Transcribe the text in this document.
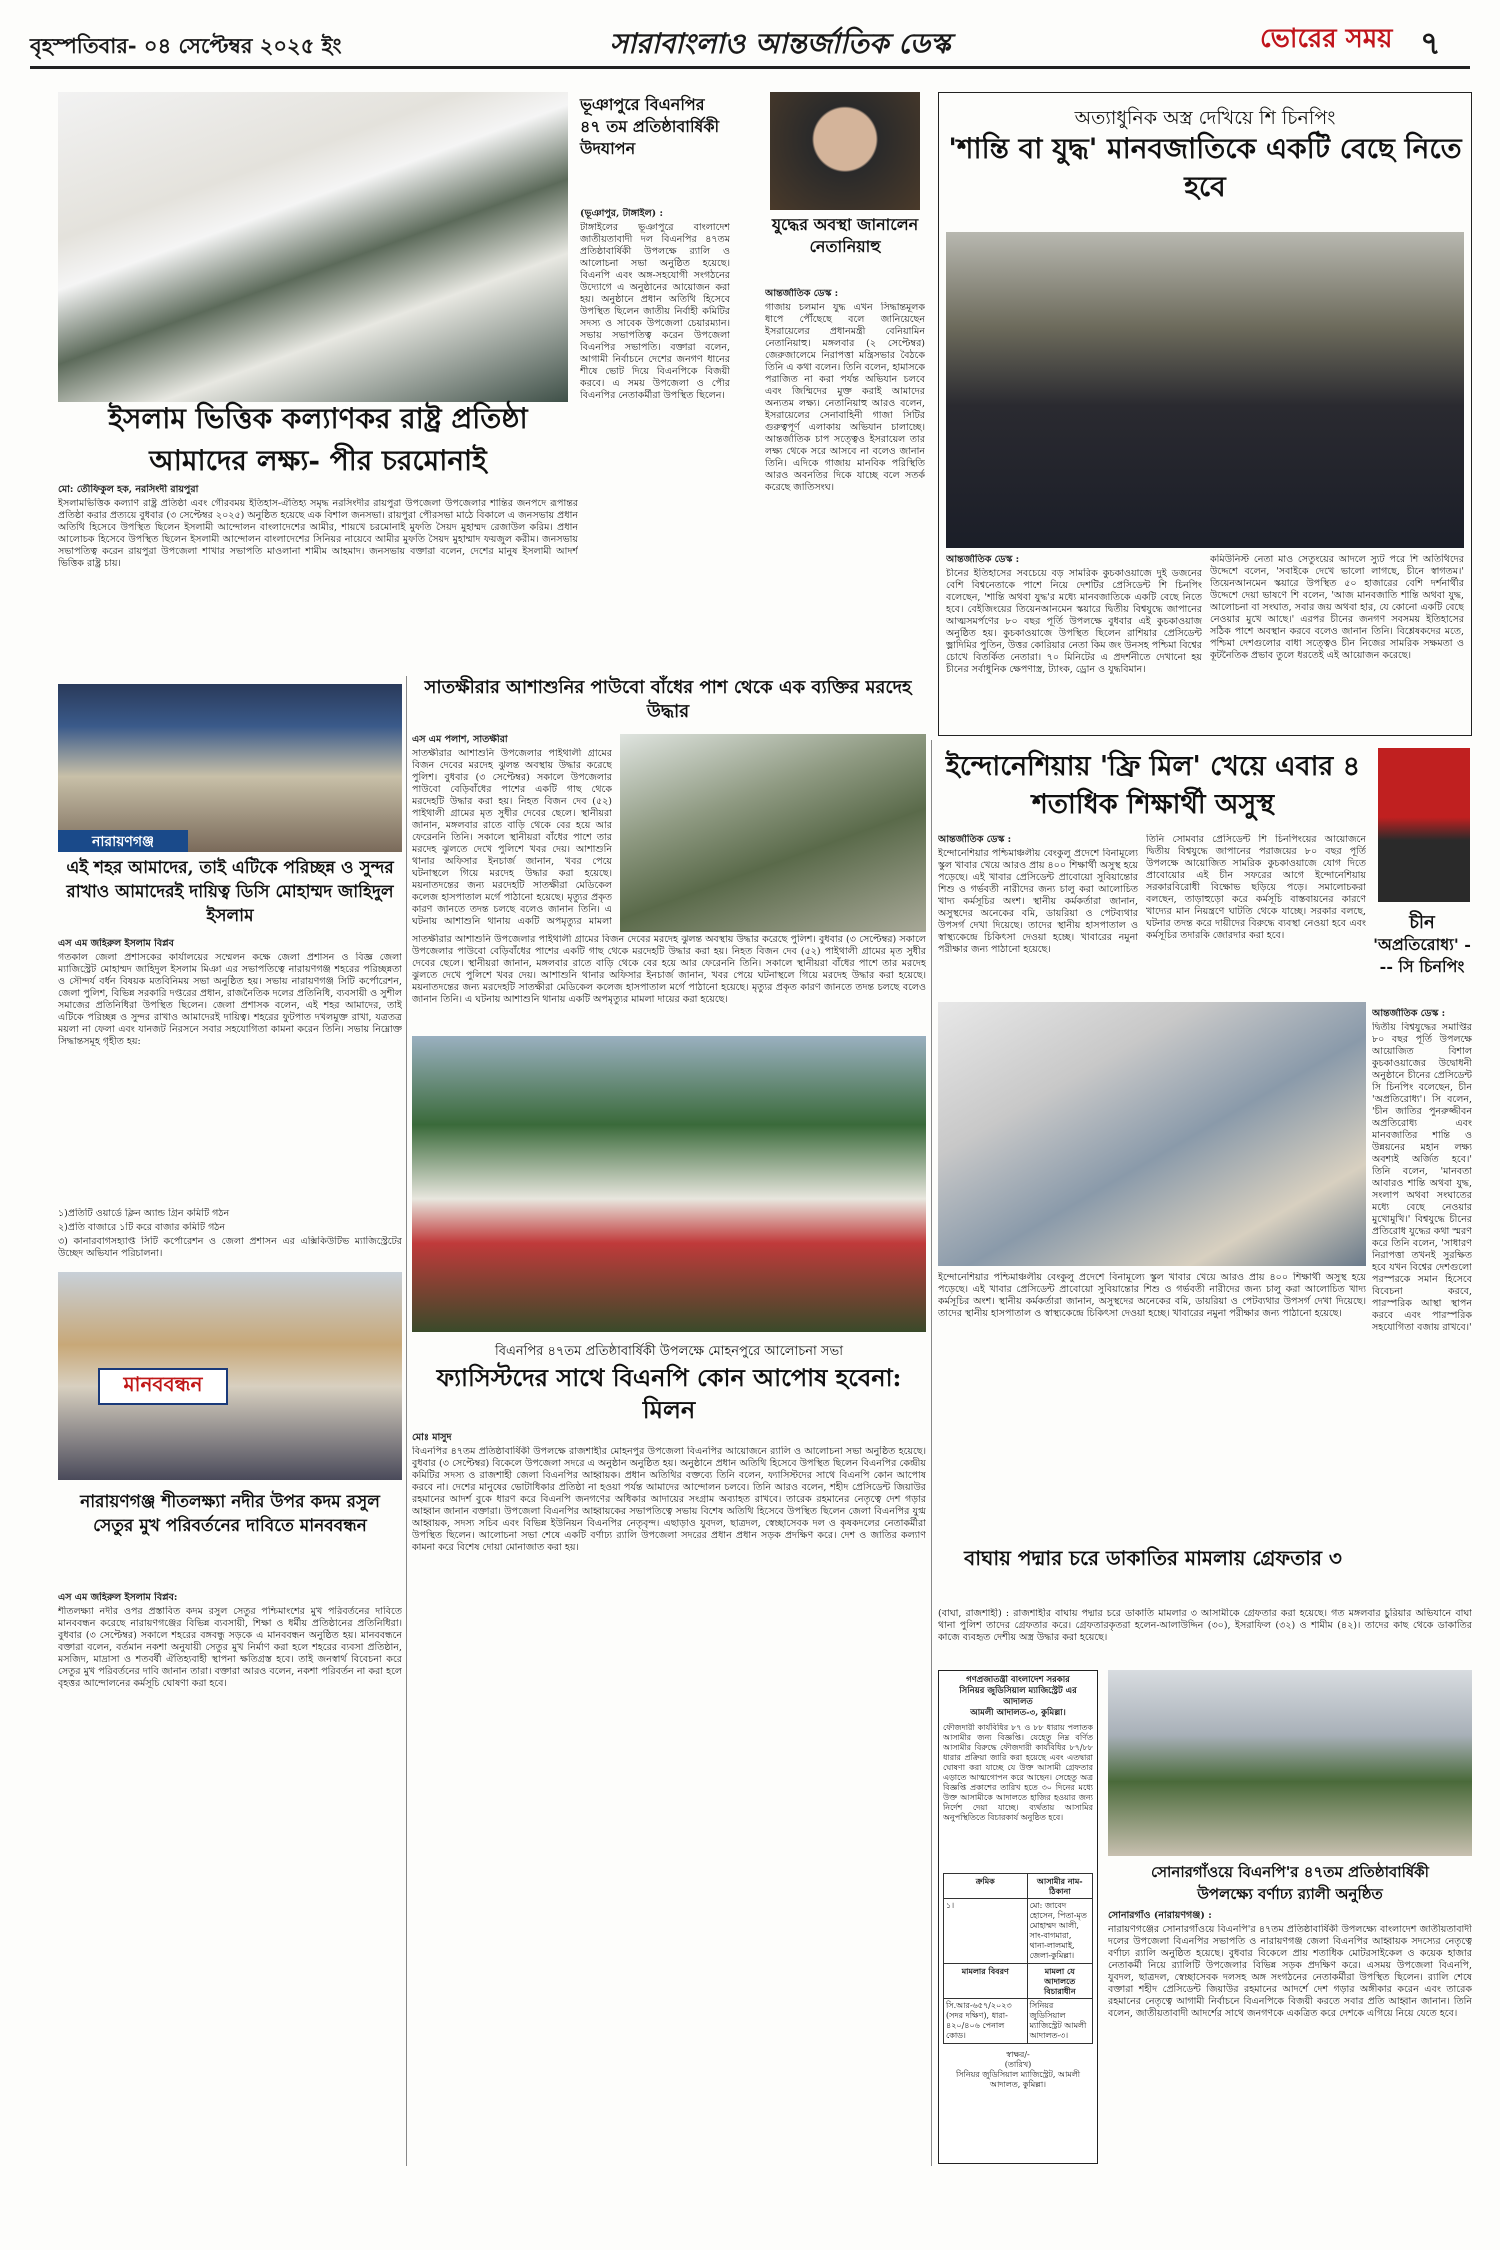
বৃহস্পতিবার- ০৪ সেপ্টেম্বর ২০২৫ ইং	সারাবাংলাও আন্তর্জাতিক ডেস্ক	ভোরের সময় ৭
ইসলাম ভিত্তিক কল্যাণকর রাষ্ট্র প্রতিষ্ঠা
আমাদের লক্ষ্য- পীর চরমোনাই
মো: তৌফিকুল হক, নরসিংদী রায়পুরা
ইসলামভিত্তিক কল্যাণ রাষ্ট্র প্রতিষ্ঠা এবং গৌরবময় ইতিহাস-ঐতিহ্য সমৃদ্ধ নরসিংদীর রায়পুরা উপজেলা উপজেলার শান্তির জনপদে রূপান্তর প্রতিষ্ঠা করার প্রত্যয়ে বুধবার (৩ সেপ্টেম্বর ২০২৫) অনুষ্ঠিত হয়েছে এক বিশাল জনসভা। রায়পুরা পৌরসভা মাঠে বিকালে এ জনসভায় প্রধান অতিথি হিসেবে উপস্থিত ছিলেন ইসলামী আন্দোলন বাংলাদেশের আমীর, শায়খে চরমোনাই মুফতি সৈয়দ মুহাম্মদ রেজাউল করিম। প্রধান আলোচক হিসেবে উপস্থিত ছিলেন ইসলামী আন্দোলন বাংলাদেশের সিনিয়র নায়েবে আমীর মুফতি সৈয়দ মুহাম্মাদ ফয়জুল করীম। জনসভায় সভাপতিত্ব করেন রায়পুরা উপজেলা শাখার সভাপতি মাওলানা শামীম আহমাদ। জনসভায় বক্তারা বলেন, দেশের মানুষ ইসলামী আদর্শ ভিত্তিক রাষ্ট্র চায়।
ভূঞাপুরে বিএনপির ৪৭ তম প্রতিষ্ঠাবার্ষিকী উদযাপন
(ভূঞাপুর, টাঙ্গাইল) :
টাঙ্গাইলের ভূঞাপুরে বাংলাদেশ জাতীয়তাবাদী দল বিএনপির ৪৭তম প্রতিষ্ঠাবার্ষিকী উপলক্ষে র‍্যালি ও আলোচনা সভা অনুষ্ঠিত হয়েছে। বিএনপি এবং অঙ্গ-সহযোগী সংগঠনের উদ্যোগে এ অনুষ্ঠানের আয়োজন করা হয়। অনুষ্ঠানে প্রধান অতিথি হিসেবে উপস্থিত ছিলেন জাতীয় নির্বাহী কমিটির সদস্য ও সাবেক উপজেলা চেয়ারম্যান। সভায় সভাপতিত্ব করেন উপজেলা বিএনপির সভাপতি। বক্তারা বলেন, আগামী নির্বাচনে দেশের জনগণ ধানের শীষে ভোট দিয়ে বিএনপিকে বিজয়ী করবে। এ সময় উপজেলা ও পৌর বিএনপির নেতাকর্মীরা উপস্থিত ছিলেন।
যুদ্ধের অবস্থা জানালেন নেতানিয়াহু
আন্তর্জাতিক ডেস্ক :
গাজায় চলমান যুদ্ধ এখন সিদ্ধান্তমূলক ধাপে পৌঁছেছে বলে জানিয়েছেন ইসরায়েলের প্রধানমন্ত্রী বেনিয়ামিন নেতানিয়াহু। মঙ্গলবার (২ সেপ্টেম্বর) জেরুজালেমে নিরাপত্তা মন্ত্রিসভার বৈঠকে তিনি এ কথা বলেন। তিনি বলেন, হামাসকে পরাজিত না করা পর্যন্ত অভিযান চলবে এবং জিম্মিদের মুক্ত করাই আমাদের অন্যতম লক্ষ্য। নেতানিয়াহু আরও বলেন, ইসরায়েলের সেনাবাহিনী গাজা সিটির গুরুত্বপূর্ণ এলাকায় অভিযান চালাচ্ছে। আন্তর্জাতিক চাপ সত্ত্বেও ইসরায়েল তার লক্ষ্য থেকে সরে আসবে না বলেও জানান তিনি। এদিকে গাজায় মানবিক পরিস্থিতি আরও অবনতির দিকে যাচ্ছে বলে সতর্ক করেছে জাতিসংঘ।
অত্যাধুনিক অস্ত্র দেখিয়ে শি চিনপিং
'শান্তি বা যুদ্ধ' মানবজাতিকে একটি বেছে নিতে হবে
আন্তর্জাতিক ডেস্ক :
চীনের ইতিহাসের সবচেয়ে বড় সামরিক কুচকাওয়াজে দুই ডজনের বেশি বিশ্বনেতাকে পাশে নিয়ে দেশটির প্রেসিডেন্ট শি চিনপিং বলেছেন, 'শান্তি অথবা যুদ্ধ'র মধ্যে মানবজাতিকে একটি বেছে নিতে হবে। বেইজিংয়ের তিয়েনআনমেন স্কয়ারে দ্বিতীয় বিশ্বযুদ্ধে জাপানের আত্মসমর্পণের ৮০ বছর পূর্তি উপলক্ষে বুধবার এই কুচকাওয়াজ অনুষ্ঠিত হয়। কুচকাওয়াজে উপস্থিত ছিলেন রাশিয়ার প্রেসিডেন্ট ভ্লাদিমির পুতিন, উত্তর কোরিয়ার নেতা কিম জং উনসহ পশ্চিমা বিশ্বের চোখে বিতর্কিত নেতারা। ৭০ মিনিটের এ প্রদর্শনীতে দেখানো হয় চীনের সর্বাধুনিক ক্ষেপণাস্ত্র, ট্যাংক, ড্রোন ও যুদ্ধবিমান।
কমিউনিস্ট নেতা মাও সেতুংয়ের আদলে স্যুট পরে শি অতিথিদের উদ্দেশে বলেন, 'সবাইকে দেখে ভালো লাগছে, চীনে স্বাগতম।' তিয়েনআনমেন স্কয়ারে উপস্থিত ৫০ হাজারের বেশি দর্শনার্থীর উদ্দেশে দেয়া ভাষণে শি বলেন, 'আজ মানবজাতি শান্তি অথবা যুদ্ধ, আলোচনা বা সংঘাত, সবার জয় অথবা হার, যে কোনো একটি বেছে নেওয়ার মুখে আছে।' এরপর চীনের জনগণ সবসময় ইতিহাসের সঠিক পাশে অবস্থান করবে বলেও জানান তিনি। বিশ্লেষকদের মতে, পশ্চিমা দেশগুলোর বাধা সত্ত্বেও চীন নিজের সামরিক সক্ষমতা ও কূটনৈতিক প্রভাব তুলে ধরতেই এই আয়োজন করেছে।
নারায়ণগঞ্জ
এই শহর আমাদের, তাই এটিকে পরিচ্ছন্ন ও সুন্দর রাখাও আমাদেরই দায়িত্ব ডিসি মোহাম্মদ জাহিদুল ইসলাম
এস এম জহিরুল ইসলাম বিপ্লব
গতকাল জেলা প্রশাসকের কার্যালয়ের সম্মেলন কক্ষে জেলা প্রশাসন ও বিজ্ঞ জেলা ম্যাজিস্ট্রেট মোহাম্মদ জাহিদুল ইসলাম মিঞা এর সভাপতিত্বে নারায়ণগঞ্জ শহরের পরিচ্ছন্নতা ও সৌন্দর্য বর্ধন বিষয়ক মতবিনিময় সভা অনুষ্ঠিত হয়। সভায় নারায়ণগঞ্জ সিটি কর্পোরেশন, জেলা পুলিশ, বিভিন্ন সরকারি দপ্তরের প্রধান, রাজনৈতিক দলের প্রতিনিধি, ব্যবসায়ী ও সুশীল সমাজের প্রতিনিধিরা উপস্থিত ছিলেন। জেলা প্রশাসক বলেন, এই শহর আমাদের, তাই এটিকে পরিচ্ছন্ন ও সুন্দর রাখাও আমাদেরই দায়িত্ব। শহরের ফুটপাত দখলমুক্ত রাখা, যত্রতত্র ময়লা না ফেলা এবং যানজট নিরসনে সবার সহযোগিতা কামনা করেন তিনি। সভায় নিম্নোক্ত সিদ্ধান্তসমূহ গৃহীত হয়:
১)প্রতিটি ওয়ার্ডে ক্লিন অ্যান্ড গ্রিন কমিটি গঠন
২)প্রতি বাজারে ১টি করে বাজার কমিটি গঠন
৩) কানারবাগসহ্যাপ্ত সিটি কর্পোরেশন ও জেলা প্রশাসন এর এক্সিকিউটিভ ম্যাজিস্ট্রেটের উচ্ছেদ অভিযান পরিচালনা।
সাতক্ষীরার আশাশুনির পাউবো বাঁধের পাশ থেকে এক ব্যক্তির মরদেহ উদ্ধার
এস এম পলাশ, সাতক্ষীরা
সাতক্ষীরার আশাশুনি উপজেলার পাইথালী গ্রামের বিজন দেবের মরদেহ ঝুলন্ত অবস্থায় উদ্ধার করেছে পুলিশ। বুধবার (৩ সেপ্টেম্বর) সকালে উপজেলার পাউবো বেড়িবাঁধের পাশের একটি গাছ থেকে মরদেহটি উদ্ধার করা হয়। নিহত বিজন দেব (৫২) পাইথালী গ্রামের মৃত সুধীর দেবের ছেলে। স্থানীয়রা জানান, মঙ্গলবার রাতে বাড়ি থেকে বের হয়ে আর ফেরেননি তিনি। সকালে স্থানীয়রা বাঁধের পাশে তার মরদেহ ঝুলতে দেখে পুলিশে খবর দেয়। আশাশুনি থানার অফিসার ইনচার্জ জানান, খবর পেয়ে ঘটনাস্থলে গিয়ে মরদেহ উদ্ধার করা হয়েছে। ময়নাতদন্তের জন্য মরদেহটি সাতক্ষীরা মেডিকেল কলেজ হাসপাতাল মর্গে পাঠানো হয়েছে। মৃত্যুর প্রকৃত কারণ জানতে তদন্ত চলছে বলেও জানান তিনি। এ ঘটনায় আশাশুনি থানায় একটি অপমৃত্যুর মামলা
সাতক্ষীরার আশাশুনি উপজেলার পাইথালী গ্রামের বিজন দেবের মরদেহ ঝুলন্ত অবস্থায় উদ্ধার করেছে পুলিশ। বুধবার (৩ সেপ্টেম্বর) সকালে উপজেলার পাউবো বেড়িবাঁধের পাশের একটি গাছ থেকে মরদেহটি উদ্ধার করা হয়। নিহত বিজন দেব (৫২) পাইথালী গ্রামের মৃত সুধীর দেবের ছেলে। স্থানীয়রা জানান, মঙ্গলবার রাতে বাড়ি থেকে বের হয়ে আর ফেরেননি তিনি। সকালে স্থানীয়রা বাঁধের পাশে তার মরদেহ ঝুলতে দেখে পুলিশে খবর দেয়। আশাশুনি থানার অফিসার ইনচার্জ জানান, খবর পেয়ে ঘটনাস্থলে গিয়ে মরদেহ উদ্ধার করা হয়েছে। ময়নাতদন্তের জন্য মরদেহটি সাতক্ষীরা মেডিকেল কলেজ হাসপাতাল মর্গে পাঠানো হয়েছে। মৃত্যুর প্রকৃত কারণ জানতে তদন্ত চলছে বলেও জানান তিনি। এ ঘটনায় আশাশুনি থানায় একটি অপমৃত্যুর মামলা দায়ের করা হয়েছে।
ইন্দোনেশিয়ায় 'ফ্রি মিল' খেয়ে এবার ৪ শতাধিক শিক্ষার্থী অসুস্থ
আন্তর্জাতিক ডেস্ক :
ইন্দোনেশিয়ার পশ্চিমাঞ্চলীয় বেংকুলু প্রদেশে বিনামূল্যে স্কুল খাবার খেয়ে আরও প্রায় ৪০০ শিক্ষার্থী অসুস্থ হয়ে পড়েছে। এই খাবার প্রেসিডেন্ট প্রাবোয়ো সুবিয়ান্তোর শিশু ও গর্ভবতী নারীদের জন্য চালু করা আলোচিত খাদ্য কর্মসূচির অংশ। স্থানীয় কর্মকর্তারা জানান, অসুস্থদের অনেকের বমি, ডায়রিয়া ও পেটব্যথার উপসর্গ দেখা দিয়েছে। তাদের স্থানীয় হাসপাতাল ও স্বাস্থ্যকেন্দ্রে চিকিৎসা দেওয়া হচ্ছে। খাবারের নমুনা পরীক্ষার জন্য পাঠানো হয়েছে।
তিনি সোমবার প্রেসিডেন্ট শি চিনপিংয়ের আয়োজনে দ্বিতীয় বিশ্বযুদ্ধে জাপানের পরাজয়ের ৮০ বছর পূর্তি উপলক্ষে আয়োজিত সামরিক কুচকাওয়াজে যোগ দিতে প্রাবোয়োর এই চীন সফরের আগে ইন্দোনেশিয়ায় সরকারবিরোধী বিক্ষোভ ছড়িয়ে পড়ে। সমালোচকরা বলছেন, তাড়াহুড়ো করে কর্মসূচি বাস্তবায়নের কারণে খাদ্যের মান নিয়ন্ত্রণে ঘাটতি থেকে যাচ্ছে। সরকার বলছে, ঘটনার তদন্ত করে দায়ীদের বিরুদ্ধে ব্যবস্থা নেওয়া হবে এবং কর্মসূচির তদারকি জোরদার করা হবে।
ইন্দোনেশিয়ার পশ্চিমাঞ্চলীয় বেংকুলু প্রদেশে বিনামূল্যে স্কুল খাবার খেয়ে আরও প্রায় ৪০০ শিক্ষার্থী অসুস্থ হয়ে পড়েছে। এই খাবার প্রেসিডেন্ট প্রাবোয়ো সুবিয়ান্তোর শিশু ও গর্ভবতী নারীদের জন্য চালু করা আলোচিত খাদ্য কর্মসূচির অংশ। স্থানীয় কর্মকর্তারা জানান, অসুস্থদের অনেকের বমি, ডায়রিয়া ও পেটব্যথার উপসর্গ দেখা দিয়েছে। তাদের স্থানীয় হাসপাতাল ও স্বাস্থ্যকেন্দ্রে চিকিৎসা দেওয়া হচ্ছে। খাবারের নমুনা পরীক্ষার জন্য পাঠানো হয়েছে।
চীন
'অপ্রতিরোধ্য' --- সি চিনপিং
আন্তর্জাতিক ডেস্ক :
দ্বিতীয় বিশ্বযুদ্ধের সমাপ্তির ৮০ বছর পূর্তি উপলক্ষে আয়োজিত বিশাল কুচকাওয়াজের উদ্বোধনী অনুষ্ঠানে চীনের প্রেসিডেন্ট সি চিনপিং বলেছেন, চীন 'অপ্রতিরোধ্য'। সি বলেন, 'চীন জাতির পুনরুজ্জীবন অপ্রতিরোধ্য এবং মানবজাতির শান্তি ও উন্নয়নের মহান লক্ষ্য অবশ্যই অর্জিত হবে।' তিনি বলেন, 'মানবতা আবারও শান্তি অথবা যুদ্ধ, সংলাপ অথবা সংঘাতের মধ্যে বেছে নেওয়ার মুখোমুখি।' বিশ্বযুদ্ধে চীনের প্রতিরোধ যুদ্ধের কথা স্মরণ করে তিনি বলেন, 'সাধারণ নিরাপত্তা তখনই সুরক্ষিত হবে যখন বিশ্বের দেশগুলো পরস্পরকে সমান হিসেবে বিবেচনা করবে, পারস্পরিক আস্থা স্থাপন করবে এবং পারস্পরিক সহযোগিতা বজায় রাখবে।'
বিএনপির ৪৭তম প্রতিষ্ঠাবার্ষিকী উপলক্ষে মোহনপুরে আলোচনা সভা
ফ্যাসিস্টদের সাথে বিএনপি কোন আপোষ হবেনা: মিলন
মোঃ মাসুদ
বিএনপির ৪৭তম প্রতিষ্ঠাবার্ষিকী উপলক্ষে রাজশাহীর মোহনপুর উপজেলা বিএনপির আয়োজনে র‍্যালি ও আলোচনা সভা অনুষ্ঠিত হয়েছে। বুধবার (৩ সেপ্টেম্বর) বিকেলে উপজেলা সদরে এ অনুষ্ঠান অনুষ্ঠিত হয়। অনুষ্ঠানে প্রধান অতিথি হিসেবে উপস্থিত ছিলেন বিএনপির কেন্দ্রীয় কমিটির সদস্য ও রাজশাহী জেলা বিএনপির আহ্বায়ক। প্রধান অতিথির বক্তব্যে তিনি বলেন, ফ্যাসিস্টদের সাথে বিএনপি কোন আপোষ করবে না। দেশের মানুষের ভোটাধিকার প্রতিষ্ঠা না হওয়া পর্যন্ত আমাদের আন্দোলন চলবে। তিনি আরও বলেন, শহীদ প্রেসিডেন্ট জিয়াউর রহমানের আদর্শ বুকে ধারণ করে বিএনপি জনগণের অধিকার আদায়ের সংগ্রাম অব্যাহত রাখবে। তারেক রহমানের নেতৃত্বে দেশ গড়ার আহ্বান জানান বক্তারা। উপজেলা বিএনপির আহ্বায়কের সভাপতিত্বে সভায় বিশেষ অতিথি হিসেবে উপস্থিত ছিলেন জেলা বিএনপির যুগ্ম আহ্বায়ক, সদস্য সচিব এবং বিভিন্ন ইউনিয়ন বিএনপির নেতৃবৃন্দ। এছাড়াও যুবদল, ছাত্রদল, স্বেচ্ছাসেবক দল ও কৃষকদলের নেতাকর্মীরা উপস্থিত ছিলেন। আলোচনা সভা শেষে একটি বর্ণাঢ্য র‍্যালি উপজেলা সদরের প্রধান প্রধান সড়ক প্রদক্ষিণ করে। দেশ ও জাতির কল্যাণ কামনা করে বিশেষ দোয়া মোনাজাত করা হয়।
মানববন্ধন
নারায়ণগঞ্জ শীতলক্ষ্যা নদীর উপর কদম রসুল সেতুর মুখ পরিবর্তনের দাবিতে মানববন্ধন
এস এম জহিরুল ইসলাম বিপ্লব:
শীতলক্ষ্যা নদীর ওপর প্রস্তাবিত কদম রসুল সেতুর পশ্চিমাংশের মুখ পরিবর্তনের দাবিতে মানববন্ধন করেছে নারায়ণগঞ্জের বিভিন্ন ব্যবসায়ী, শিক্ষা ও ধর্মীয় প্রতিষ্ঠানের প্রতিনিধিরা। বুধবার (৩ সেপ্টেম্বর) সকালে শহরের বঙ্গবন্ধু সড়কে এ মানববন্ধন অনুষ্ঠিত হয়। মানববন্ধনে বক্তারা বলেন, বর্তমান নকশা অনুযায়ী সেতুর মুখ নির্মাণ করা হলে শহরের ব্যবসা প্রতিষ্ঠান, মসজিদ, মাদ্রাসা ও শতবর্ষী ঐতিহ্যবাহী স্থাপনা ক্ষতিগ্রস্ত হবে। তাই জনস্বার্থ বিবেচনা করে সেতুর মুখ পরিবর্তনের দাবি জানান তারা। বক্তারা আরও বলেন, নকশা পরিবর্তন না করা হলে বৃহত্তর আন্দোলনের কর্মসূচি ঘোষণা করা হবে।
বাঘায় পদ্মার চরে ডাকাতির মামলায় গ্রেফতার ৩
(বাঘা, রাজশাহী) : রাজশাহীর বাঘায় পদ্মার চরে ডাকাতি মামলার ৩ আসামীকে গ্রেফতার করা হয়েছে। গত মঙ্গলবার চুরিয়ার অভিযানে বাঘা থানা পুলিশ তাদের গ্রেফতার করে। গ্রেফতারকৃতরা হলেন-আলাউদ্দিন (৩০), ইসরাফিল (৩২) ও শামীম (৪২)। তাদের কাছ থেকে ডাকাতির কাজে ব্যবহৃত দেশীয় অস্ত্র উদ্ধার করা হয়েছে।
সোনারগাঁওয়ে বিএনপি'র ৪৭তম প্রতিষ্ঠাবার্ষিকী
উপলক্ষ্যে বর্ণাঢ্য র‍্যালী অনুষ্ঠিত
সোনারগাঁও (নারায়ণগঞ্জ) :
নারায়ণগঞ্জের সোনারগাঁওয়ে বিএনপি'র ৪৭তম প্রতিষ্ঠাবার্ষিকী উপলক্ষ্যে বাংলাদেশ জাতীয়তাবাদী দলের উপজেলা বিএনপির সভাপতি ও নারায়ণগঞ্জ জেলা বিএনপির আহ্বায়ক সদস্যের নেতৃত্বে বর্ণাঢ্য র‍্যালি অনুষ্ঠিত হয়েছে। বুধবার বিকেলে প্রায় শতাধিক মোটরসাইকেল ও কয়েক হাজার নেতাকর্মী নিয়ে র‍্যালিটি উপজেলার বিভিন্ন সড়ক প্রদক্ষিণ করে। এসময় উপজেলা বিএনপি, যুবদল, ছাত্রদল, স্বেচ্ছাসেবক দলসহ অঙ্গ সংগঠনের নেতাকর্মীরা উপস্থিত ছিলেন। র‍্যালি শেষে বক্তারা শহীদ প্রেসিডেন্ট জিয়াউর রহমানের আদর্শে দেশ গড়ার অঙ্গীকার করেন এবং তারেক রহমানের নেতৃত্বে আগামী নির্বাচনে বিএনপিকে বিজয়ী করতে সবার প্রতি আহ্বান জানান। তিনি বলেন, জাতীয়তাবাদী আদর্শের সাথে জনগণকে একত্রিত করে দেশকে এগিয়ে নিয়ে যেতে হবে।
গণপ্রজাতন্ত্রী বাংলাদেশ সরকার
সিনিয়র জুডিসিয়াল ম্যাজিস্ট্রেট এর আদালত
আমলী আদালত-৩, কুমিল্লা।
ফৌজদারী কার্যবিধির ৮৭ ও ৮৮ ধারায় পলাতক আসামীর জন্য বিজ্ঞপ্তি। যেহেতু নিম্ন বর্ণিত আসামীর বিরুদ্ধে ফৌজদারী কার্যবিধির ৮৭/৮৮ ধারার প্রক্রিয়া জারি করা হয়েছে এবং এতদ্বারা ঘোষণা করা যাচ্ছে যে উক্ত আসামী গ্রেফতার এড়াতে আত্মগোপন করে আছেন। সেহেতু অত্র বিজ্ঞপ্তি প্রকাশের তারিখ হতে ৩০ দিনের মধ্যে উক্ত আসামীকে আদালতে হাজির হওয়ার জন্য নির্দেশ দেয়া যাচ্ছে। ব্যর্থতায় আসামির অনুপস্থিতিতে বিচারকার্য অনুষ্ঠিত হবে।
ক্রমিক	আসামীর নাম-ঠিকানা
১।	মো: জাবেদ হোসেন, পিতা-মৃত মোহাম্মদ আলী, সাং-বাগমারা, থানা-লালমাই, জেলা-কুমিল্লা।
মামলার বিবরণ	মামলা যে আদালতে বিচারাধীন
সি.আর-৬৫৭/২০২৩ (সদর দক্ষিণ), ধারা- ৪২০/৪০৬ পেনাল কোড।	সিনিয়র জুডিসিয়াল ম্যাজিস্ট্রেট আমলী আদালত-৩।
স্বাক্ষর/-
(তারিখ)
সিনিয়র জুডিসিয়াল ম্যাজিস্ট্রেট, আমলী আদালত, কুমিল্লা।
